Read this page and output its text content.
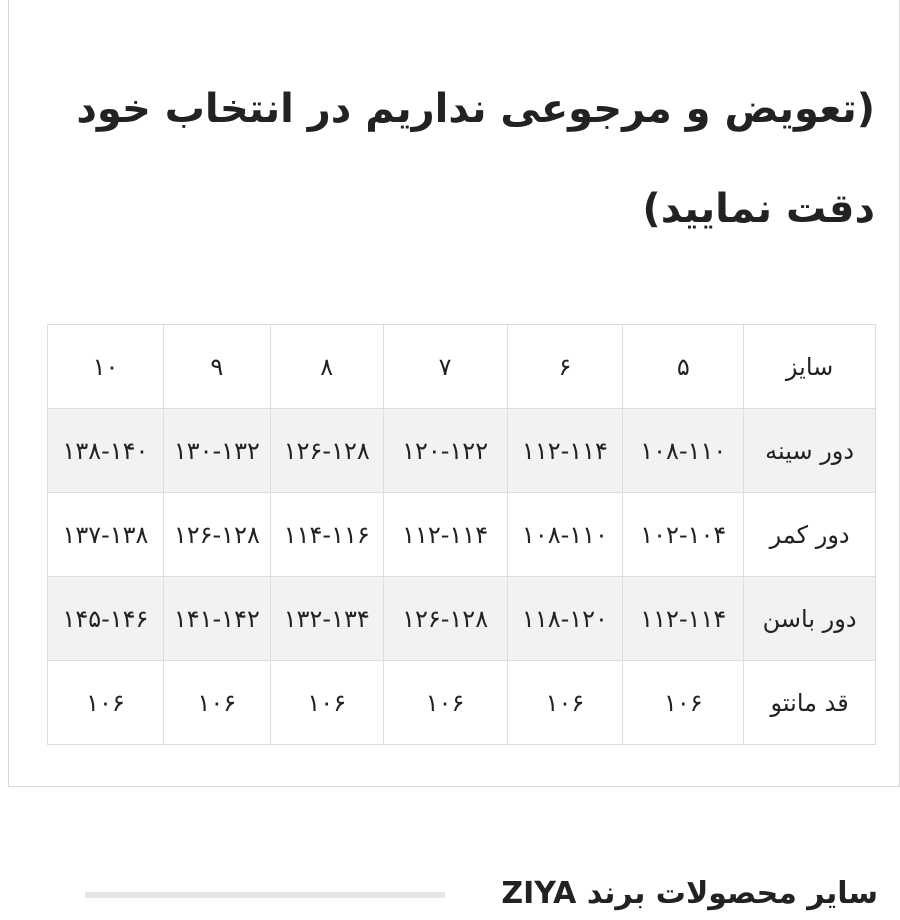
(تعویض و مرجوعی نداریم در انتخاب خود
دقت نمایید)
سایز	۵	۶	۷	۸	۹	۱۰
دور سینه	۱۰۸-۱۱۰	۱۱۲-۱۱۴	۱۲۰-۱۲۲	۱۲۶-۱۲۸	۱۳۰-۱۳۲	۱۳۸-۱۴۰
دور کمر	۱۰۲-۱۰۴	۱۰۸-۱۱۰	۱۱۲-۱۱۴	۱۱۴-۱۱۶	۱۲۶-۱۲۸	۱۳۷-۱۳۸
دور باسن	۱۱۲-۱۱۴	۱۱۸-۱۲۰	۱۲۶-۱۲۸	۱۳۲-۱۳۴	۱۴۱-۱۴۲	۱۴۵-۱۴۶
قد مانتو	۱۰۶	۱۰۶	۱۰۶	۱۰۶	۱۰۶	۱۰۶
سایر محصولات برند ZIYA
